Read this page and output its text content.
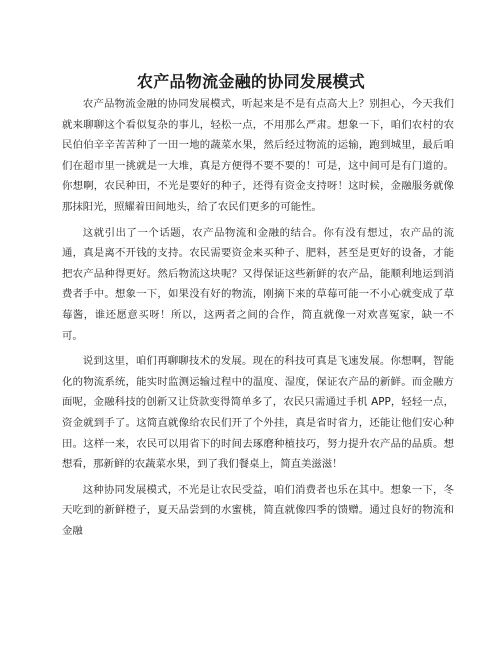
农产品物流金融的协同发展模式

农产品物流金融的协同发展模式，听起来是不是有点高大上？别担心，今天我们就来聊聊这个看似复杂的事儿，轻松一点，不用那么严肃。想象一下，咱们农村的农民伯伯辛辛苦苦种了一田一地的蔬菜水果，然后经过物流的运输，跑到城里，最后咱们在超市里一挑就是一大堆，真是方便得不要不要的！可是，这中间可是有门道的。你想啊，农民种田，不光是要好的种子，还得有资金支持呀！这时候，金融服务就像那抹阳光，照耀着田间地头，给了农民们更多的可能性。

这就引出了一个话题，农产品物流和金融的结合。你有没有想过，农产品的流通，真是离不开钱的支持。农民需要资金来买种子、肥料，甚至是更好的设备，才能把农产品种得更好。然后物流这块呢？又得保证这些新鲜的农产品，能顺利地运到消费者手中。想象一下，如果没有好的物流，刚摘下来的草莓可能一不小心就变成了草莓酱，谁还愿意买呀！所以，这两者之间的合作，简直就像一对欢喜冤家，缺一不可。

说到这里，咱们再聊聊技术的发展。现在的科技可真是飞速发展。你想啊，智能化的物流系统，能实时监测运输过程中的温度、湿度，保证农产品的新鲜。而金融方面呢，金融科技的创新又让贷款变得简单多了，农民只需通过手机 APP，轻轻一点，资金就到手了。这简直就像给农民们开了个外挂，真是省时省力，还能让他们安心种田。这样一来，农民可以用省下的时间去琢磨种植技巧，努力提升农产品的品质。想想看，那新鲜的农蔬菜水果，到了我们餐桌上，简直美滋滋！

这种协同发展模式，不光是让农民受益，咱们消费者也乐在其中。想象一下，冬天吃到的新鲜橙子，夏天品尝到的水蜜桃，简直就像四季的馈赠。通过良好的物流和金融
